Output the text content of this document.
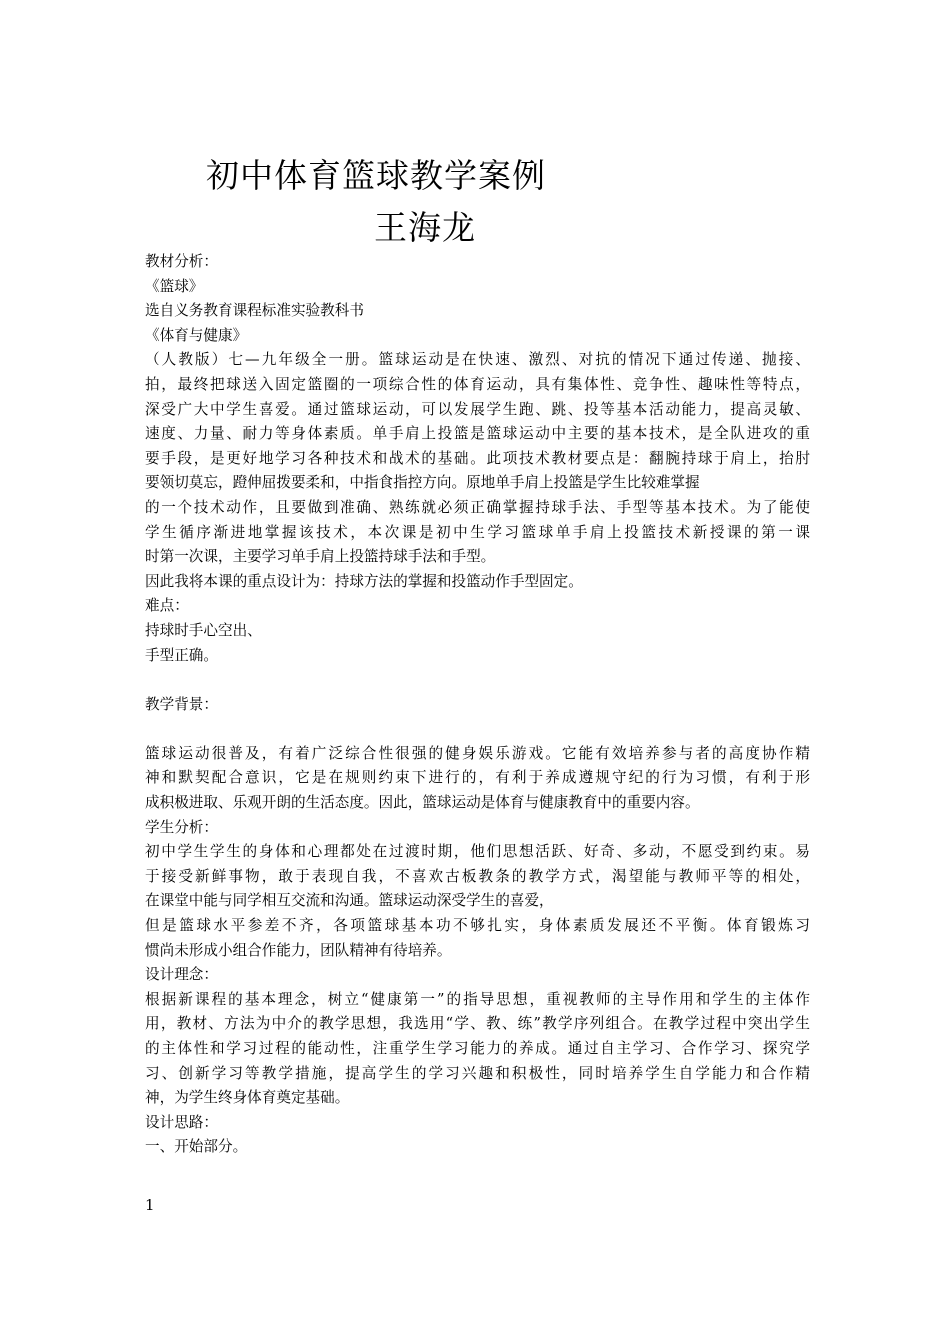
初中体育篮球教学案例
王海龙
教材分析：
《篮球》
选自义务教育课程标准实验教科书
《体育与健康》
（人教版）七—九年级全一册。篮球运动是在快速、激烈、对抗的情况下通过传递、抛接、
拍，最终把球送入固定篮圈的一项综合性的体育运动，具有集体性、竞争性、趣味性等特点，
深受广大中学生喜爱。通过篮球运动，可以发展学生跑、跳、投等基本活动能力，提高灵敏、
速度、力量、耐力等身体素质。单手肩上投篮是篮球运动中主要的基本技术，是全队进攻的重
要手段，是更好地学习各种技术和战术的基础。此项技术教材要点是：翻腕持球于肩上，抬肘
要领切莫忘，蹬伸屈拨要柔和，中指食指控方向。原地单手肩上投篮是学生比较难掌握
的一个技术动作，且要做到准确、熟练就必须正确掌握持球手法、手型等基本技术。为了能使
学生循序渐进地掌握该技术，本次课是初中生学习篮球单手肩上投篮技术新授课的第一课
时第一次课，主要学习单手肩上投篮持球手法和手型。
因此我将本课的重点设计为：持球方法的掌握和投篮动作手型固定。
难点：
持球时手心空出、
手型正确。
教学背景：
篮球运动很普及，有着广泛综合性很强的健身娱乐游戏。它能有效培养参与者的高度协作精
神和默契配合意识，它是在规则约束下进行的，有利于养成遵规守纪的行为习惯，有利于形
成积极进取、乐观开朗的生活态度。因此，篮球运动是体育与健康教育中的重要内容。
学生分析：
初中学生学生的身体和心理都处在过渡时期，他们思想活跃、好奇、多动，不愿受到约束。易
于接受新鲜事物，敢于表现自我，不喜欢古板教条的教学方式，渴望能与教师平等的相处，
在课堂中能与同学相互交流和沟通。篮球运动深受学生的喜爱，
但是篮球水平参差不齐，各项篮球基本功不够扎实，身体素质发展还不平衡。体育锻炼习
惯尚未形成小组合作能力，团队精神有待培养。
设计理念：
根据新课程的基本理念，树立“健康第一”的指导思想，重视教师的主导作用和学生的主体作
用，教材、方法为中介的教学思想，我选用“学、教、练”教学序列组合。在教学过程中突出学生
的主体性和学习过程的能动性，注重学生学习能力的养成。通过自主学习、合作学习、探究学
习、创新学习等教学措施，提高学生的学习兴趣和积极性，同时培养学生自学能力和合作精
神，为学生终身体育奠定基础。
设计思路：
一、开始部分。
1
